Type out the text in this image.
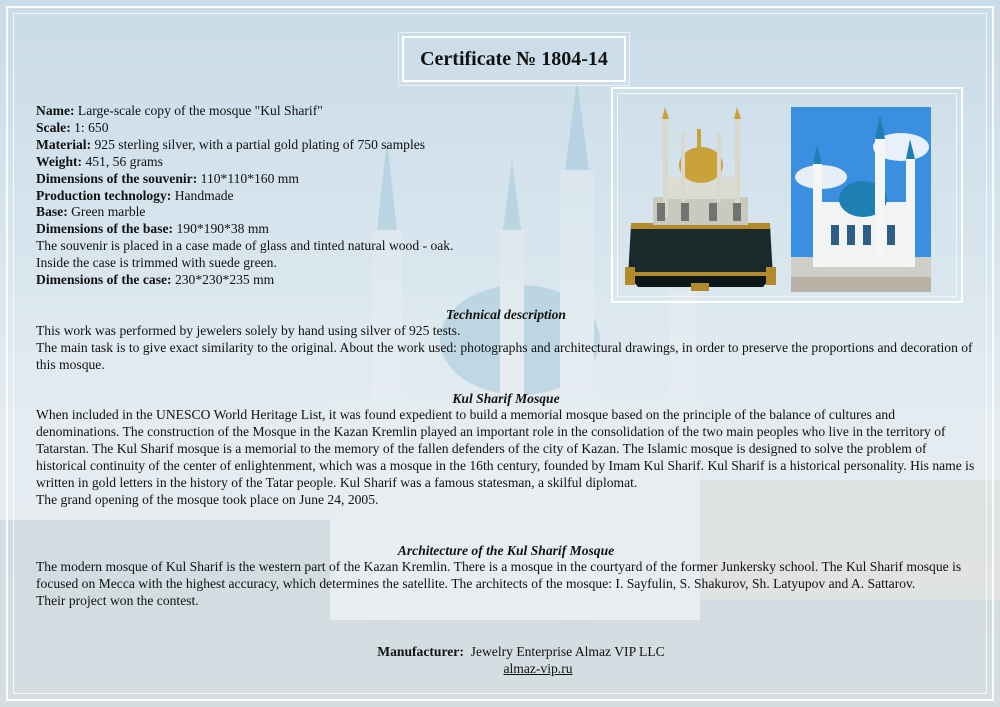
Certificate № 1804-14
Name: Large-scale copy of the mosque "Kul Sharif"
Scale: 1: 650
Material: 925 sterling silver, with a partial gold plating of 750 samples
Weight: 451, 56 grams
Dimensions of the souvenir: 110*110*160 mm
Production technology: Handmade
Base: Green marble
Dimensions of the base: 190*190*38 mm
The souvenir is placed in a case made of glass and tinted natural wood - oak.
Inside the case is trimmed with suede green.
Dimensions of the case: 230*230*235 mm
Technical description

This work was performed by jewelers solely by hand using silver of 925 tests.

The main task is to give exact similarity to the original. About the work used: photographs and architectural drawings, in order to preserve the proportions and decoration of this mosque.

Kul Sharif Mosque

When included in the UNESCO World Heritage List, it was found expedient to build a memorial mosque based on the principle of the balance of cultures and denominations. The construction of the Mosque in the Kazan Kremlin played an important role in the consolidation of the two main peoples who live in the territory of Tatarstan. The Kul Sharif mosque is a memorial to the memory of the fallen defenders of the city of Kazan. The Islamic mosque is designed to solve the problem of historical continuity of the center of enlightenment, which was a mosque in the 16th century, founded by Imam Kul Sharif. Kul Sharif is a historical personality. His name is written in gold letters in the history of the Tatar people. Kul Sharif was a famous statesman, a skilful diplomat.

The grand opening of the mosque took place on June 24, 2005.

Architecture of the Kul Sharif Mosque

The modern mosque of Kul Sharif is the western part of the Kazan Kremlin. There is a mosque in the courtyard of the former Junkersky school. The Kul Sharif mosque is focused on Mecca with the highest accuracy, which determines the satellite. The architects of the mosque: I. Sayfulin, S. Shakurov, Sh. Latyupov and A. Sattarov.

Their project won the contest.

Manufacturer: Jewelry Enterprise Almaz VIP LLC
almaz-vip.ru
